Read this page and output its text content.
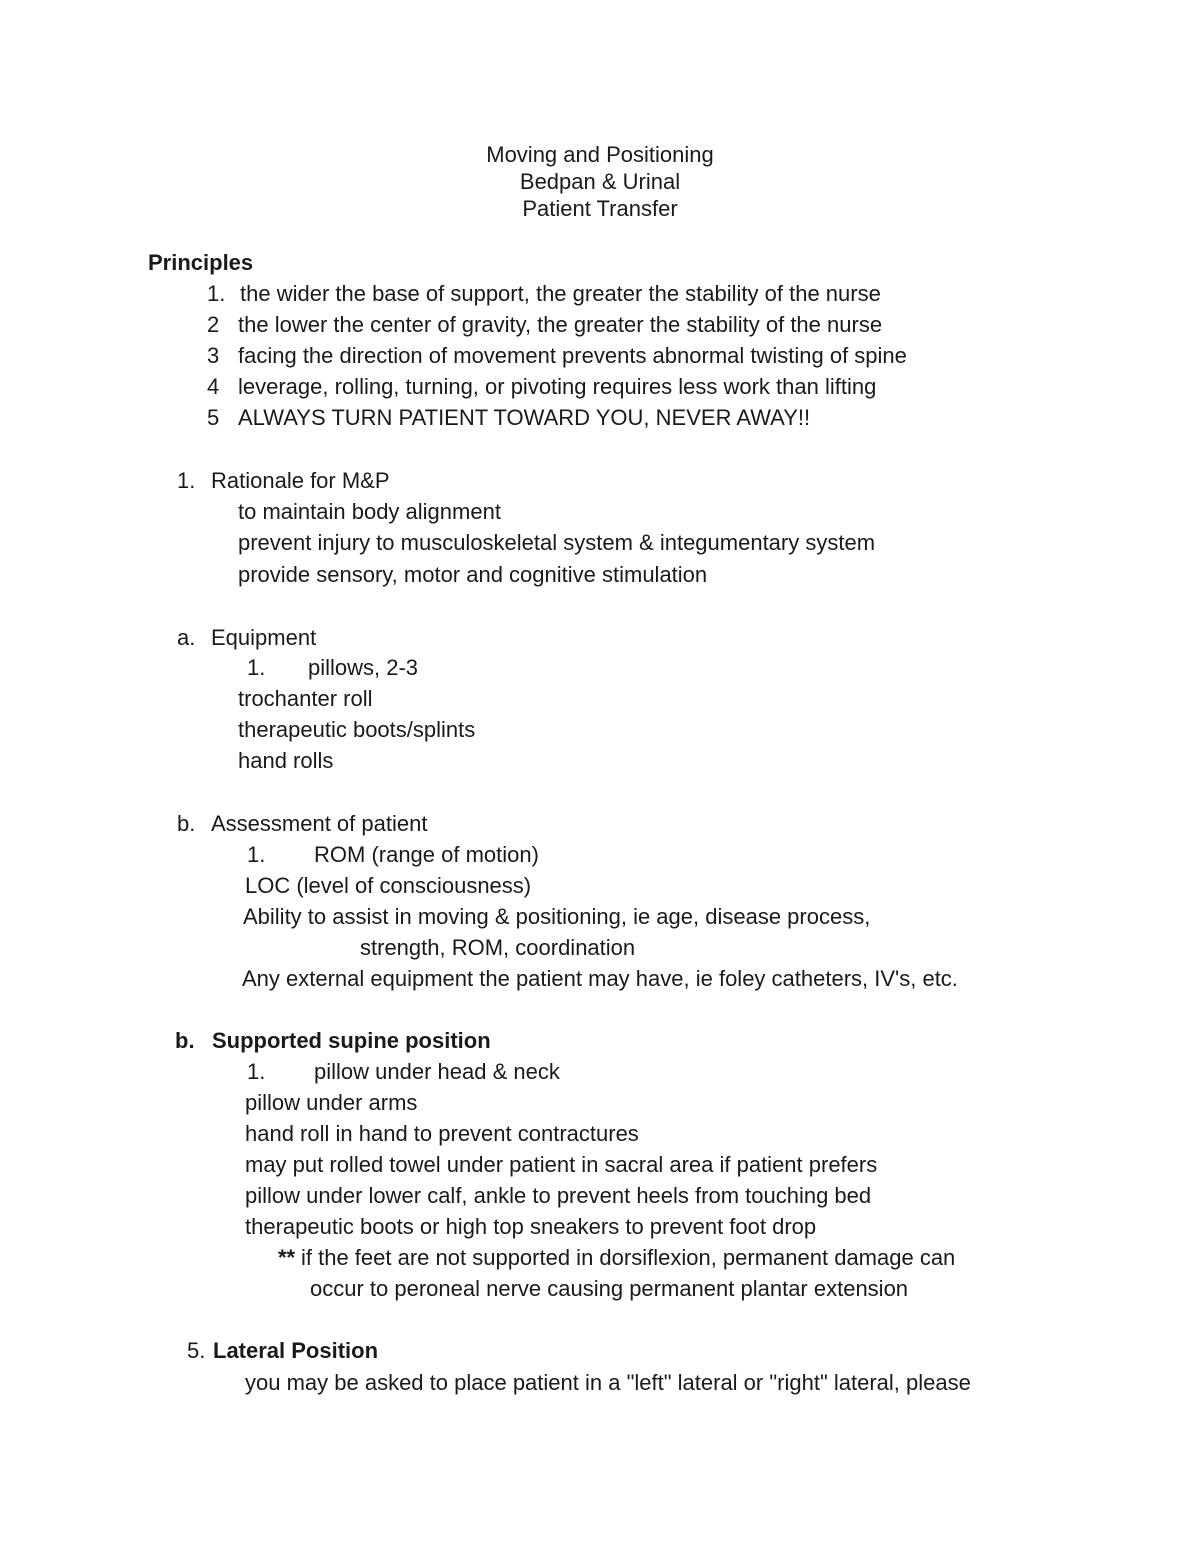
Moving and Positioning
Bedpan & Urinal
Patient Transfer
Principles
1. the wider the base of support, the greater the stability of the nurse
2 the lower the center of gravity, the greater the stability of the nurse
3 facing the direction of movement prevents abnormal twisting of spine
4 leverage, rolling, turning, or pivoting requires less work than lifting
5 ALWAYS TURN PATIENT TOWARD YOU, NEVER AWAY!!
1. Rationale for M&P
to maintain body alignment
prevent injury to musculoskeletal system & integumentary system
provide sensory, motor and cognitive stimulation
a. Equipment
1. pillows, 2-3
trochanter roll
therapeutic boots/splints
hand rolls
b. Assessment of patient
1. ROM (range of motion)
LOC (level of consciousness)
Ability to assist in moving & positioning, ie age, disease process,
strength, ROM, coordination
Any external equipment the patient may have, ie foley catheters, IV's, etc.
b. Supported supine position
1. pillow under head & neck
pillow under arms
hand roll in hand to prevent contractures
may put rolled towel under patient in sacral area if patient prefers
pillow under lower calf, ankle to prevent heels from touching bed
therapeutic boots or high top sneakers to prevent foot drop
** if the feet are not supported in dorsiflexion, permanent damage can
occur to peroneal nerve causing permanent plantar extension
5. Lateral Position
you may be asked to place patient in a "left" lateral or "right" lateral, please
